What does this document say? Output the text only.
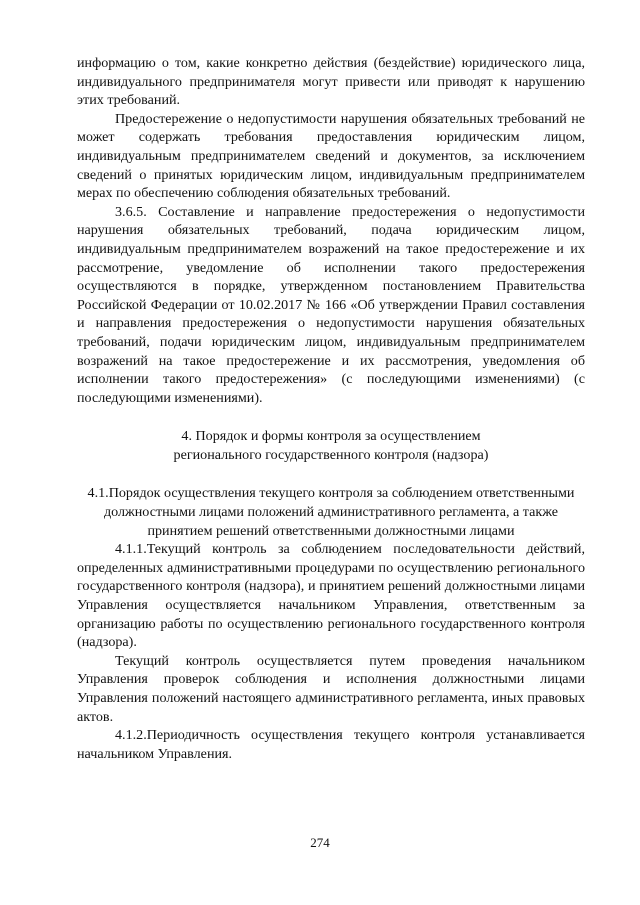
информацию о том, какие конкретно действия (бездействие) юридического лица, индивидуального предпринимателя могут привести или приводят к нарушению этих требований.

Предостережение о недопустимости нарушения обязательных требований не может содержать требования предоставления юридическим лицом, индивидуальным предпринимателем сведений и документов, за исключением сведений о принятых юридическим лицом, индивидуальным предпринимателем мерах по обеспечению соблюдения обязательных требований.

3.6.5. Составление и направление предостережения о недопустимости нарушения обязательных требований, подача юридическим лицом, индивидуальным предпринимателем возражений на такое предостережение и их рассмотрение, уведомление об исполнении такого предостережения осуществляются в порядке, утвержденном постановлением Правительства Российской Федерации от 10.02.2017 № 166 «Об утверждении Правил составления и направления предостережения о недопустимости нарушения обязательных требований, подачи юридическим лицом, индивидуальным предпринимателем возражений на такое предостережение и их рассмотрения, уведомления об исполнении такого предостережения» (с последующими изменениями) (с последующими изменениями).

4. Порядок и формы контроля за осуществлением
регионального государственного контроля (надзора)

4.1.Порядок осуществления текущего контроля за соблюдением ответственными должностными лицами положений административного регламента, а также принятием решений ответственными должностными лицами

4.1.1.Текущий контроль за соблюдением последовательности действий, определенных административными процедурами по осуществлению регионального государственного контроля (надзора), и принятием решений должностными лицами Управления осуществляется начальником Управления, ответственным за организацию работы по осуществлению регионального государственного контроля (надзора).

Текущий контроль осуществляется путем проведения начальником Управления проверок соблюдения и исполнения должностными лицами Управления положений настоящего административного регламента, иных правовых актов.

4.1.2.Периодичность осуществления текущего контроля устанавливается начальником Управления.

274
